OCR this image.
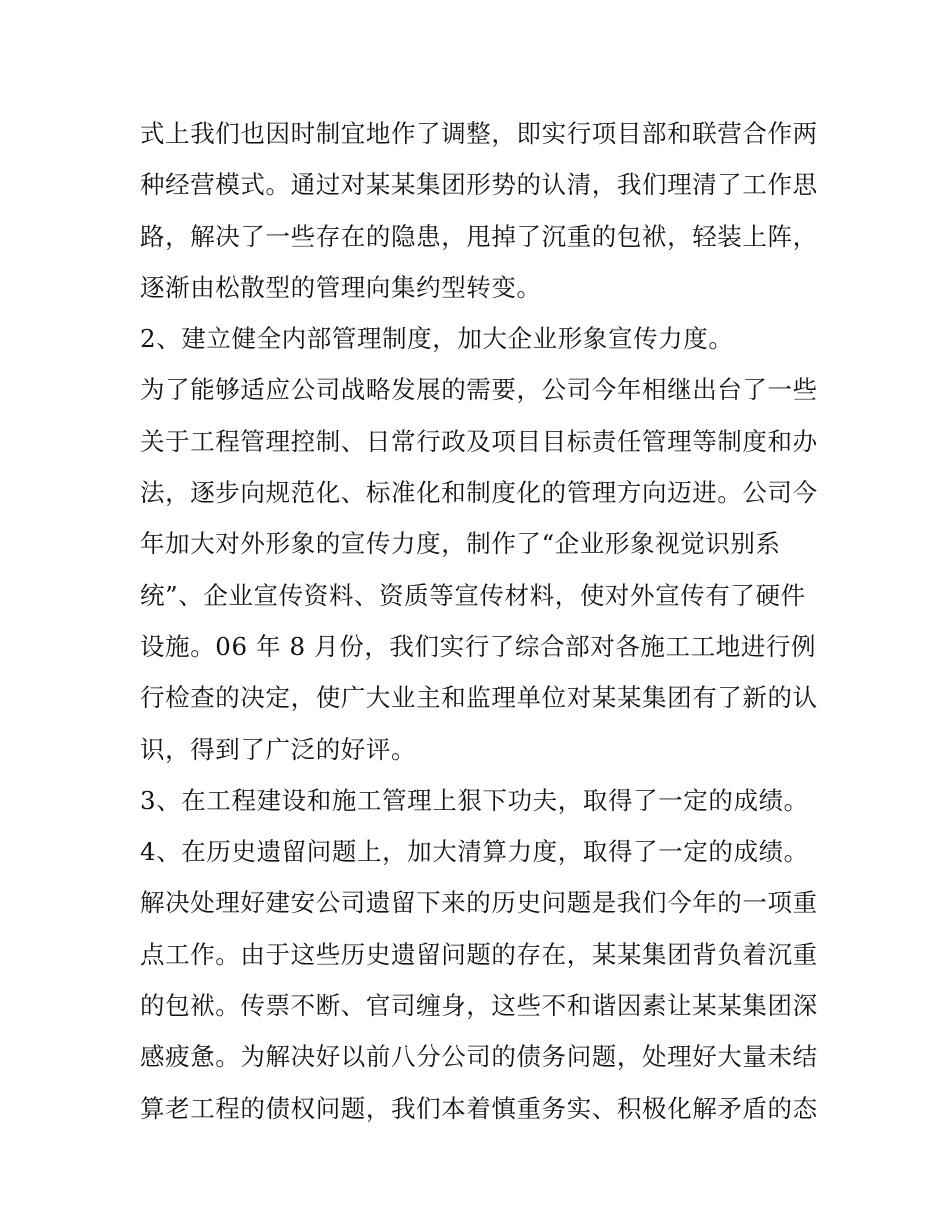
式上我们也因时制宜地作了调整，即实行项目部和联营合作两
种经营模式。通过对某某集团形势的认清，我们理清了工作思
路，解决了一些存在的隐患，甩掉了沉重的包袱，轻装上阵，
逐渐由松散型的管理向集约型转变。
2、建立健全内部管理制度，加大企业形象宣传力度。
为了能够适应公司战略发展的需要，公司今年相继出台了一些
关于工程管理控制、日常行政及项目目标责任管理等制度和办
法，逐步向规范化、标准化和制度化的管理方向迈进。公司今
年加大对外形象的宣传力度，制作了“企业形象视觉识别系
统”、企业宣传资料、资质等宣传材料，使对外宣传有了硬件
设施。06 年 8 月份，我们实行了综合部对各施工工地进行例
行检查的决定，使广大业主和监理单位对某某集团有了新的认
识，得到了广泛的好评。
3、在工程建设和施工管理上狠下功夫，取得了一定的成绩。
4、在历史遗留问题上，加大清算力度，取得了一定的成绩。
解决处理好建安公司遗留下来的历史问题是我们今年的一项重
点工作。由于这些历史遗留问题的存在，某某集团背负着沉重
的包袱。传票不断、官司缠身，这些不和谐因素让某某集团深
感疲惫。为解决好以前八分公司的债务问题，处理好大量未结
算老工程的债权问题，我们本着慎重务实、积极化解矛盾的态
